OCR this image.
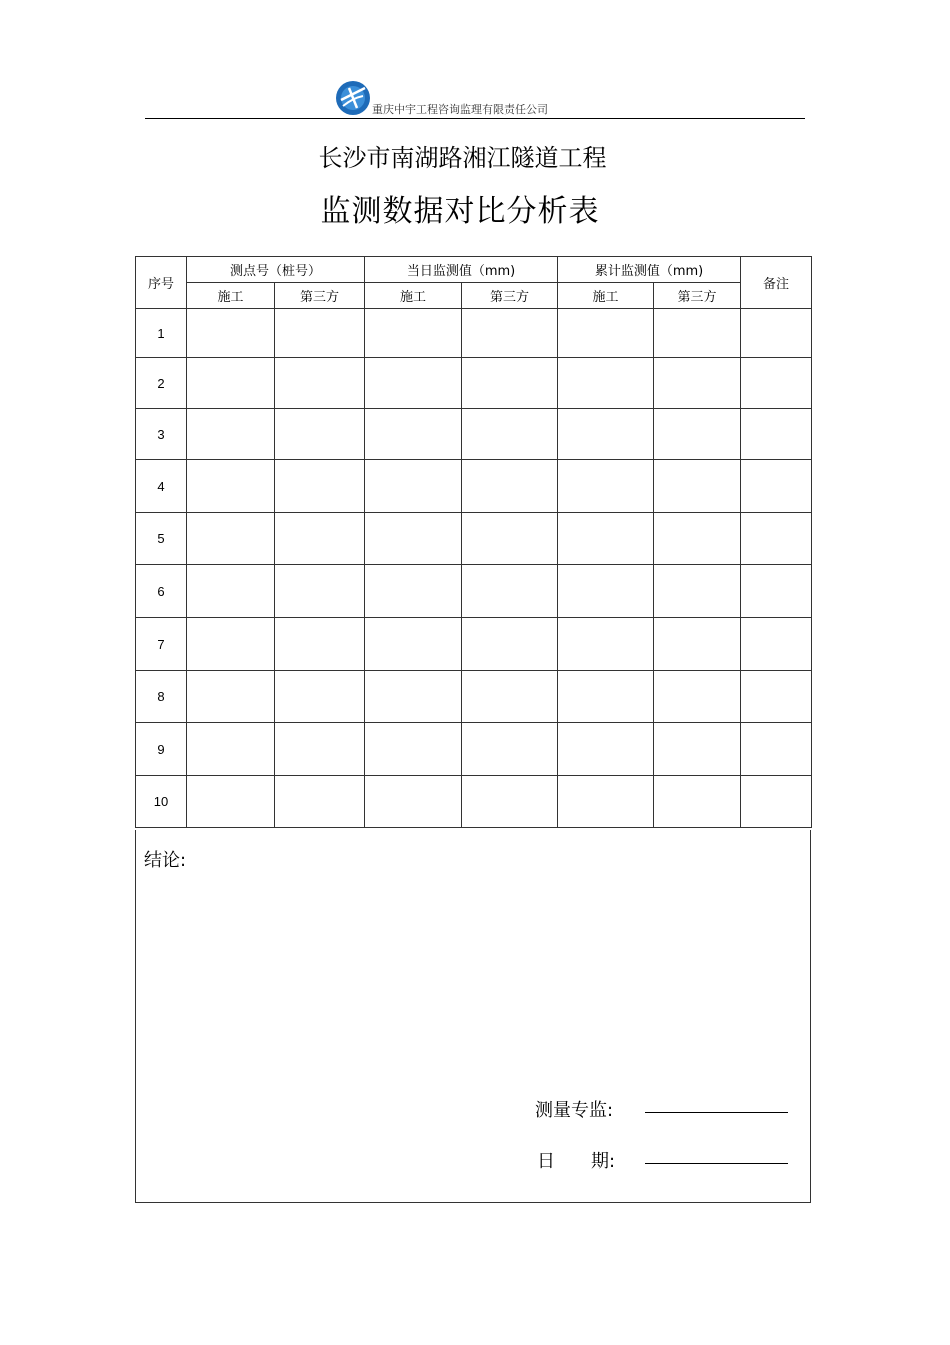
重庆中宇工程咨询监理有限责任公司
长沙市南湖路湘江隧道工程
监测数据对比分析表
序号	测点号（桩号）		当日监测值（mm)		累计监测值（mm)		备注
	施工	第三方	施工	第三方	施工	第三方	
1							
2							
3							
4							
5							
6							
7							
8							
9							
10							
结论:
测量专监:
日　　期:
